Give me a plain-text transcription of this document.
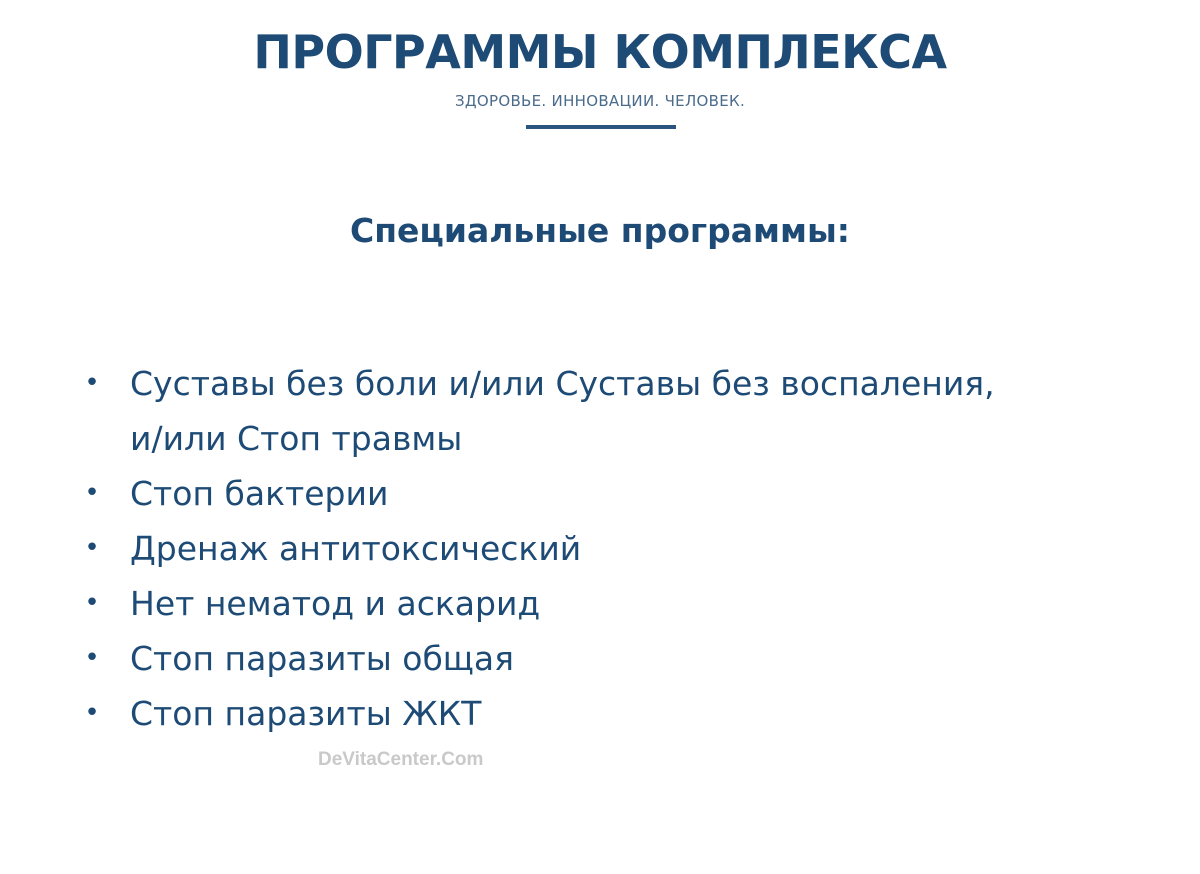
ПРОГРАММЫ КОМПЛЕКСА
ЗДОРОВЬЕ. ИННОВАЦИИ. ЧЕЛОВЕК.
Специальные программы:
• Суставы без боли и/или Суставы без воспаления,
и/или Стоп травмы
• Стоп бактерии
• Дренаж антитоксический
• Нет нематод и аскарид
• Стоп паразиты общая
• Стоп паразиты ЖКТ
DeVitaCenter.Com
